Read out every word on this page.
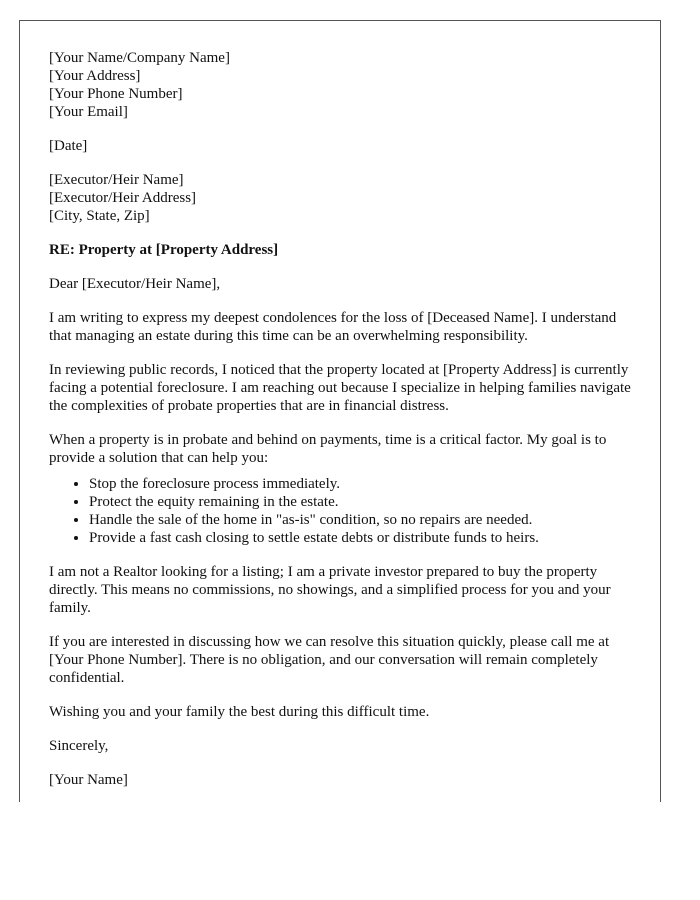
[Your Name/Company Name]
[Your Address]
[Your Phone Number]
[Your Email]
[Date]
[Executor/Heir Name]
[Executor/Heir Address]
[City, State, Zip]
RE: Property at [Property Address]

Dear [Executor/Heir Name],

I am writing to express my deepest condolences for the loss of [Deceased Name]. I understand that managing an estate during this time can be an overwhelming responsibility.

In reviewing public records, I noticed that the property located at [Property Address] is currently facing a potential foreclosure. I am reaching out because I specialize in helping families navigate the complexities of probate properties that are in financial distress.

When a property is in probate and behind on payments, time is a critical factor. My goal is to provide a solution that can help you:

• Stop the foreclosure process immediately.
• Protect the equity remaining in the estate.
• Handle the sale of the home in "as-is" condition, so no repairs are needed.
• Provide a fast cash closing to settle estate debts or distribute funds to heirs.

I am not a Realtor looking for a listing; I am a private investor prepared to buy the property directly. This means no commissions, no showings, and a simplified process for you and your family.

If you are interested in discussing how we can resolve this situation quickly, please call me at [Your Phone Number]. There is no obligation, and our conversation will remain completely confidential.

Wishing you and your family the best during this difficult time.

Sincerely,

[Your Name]
